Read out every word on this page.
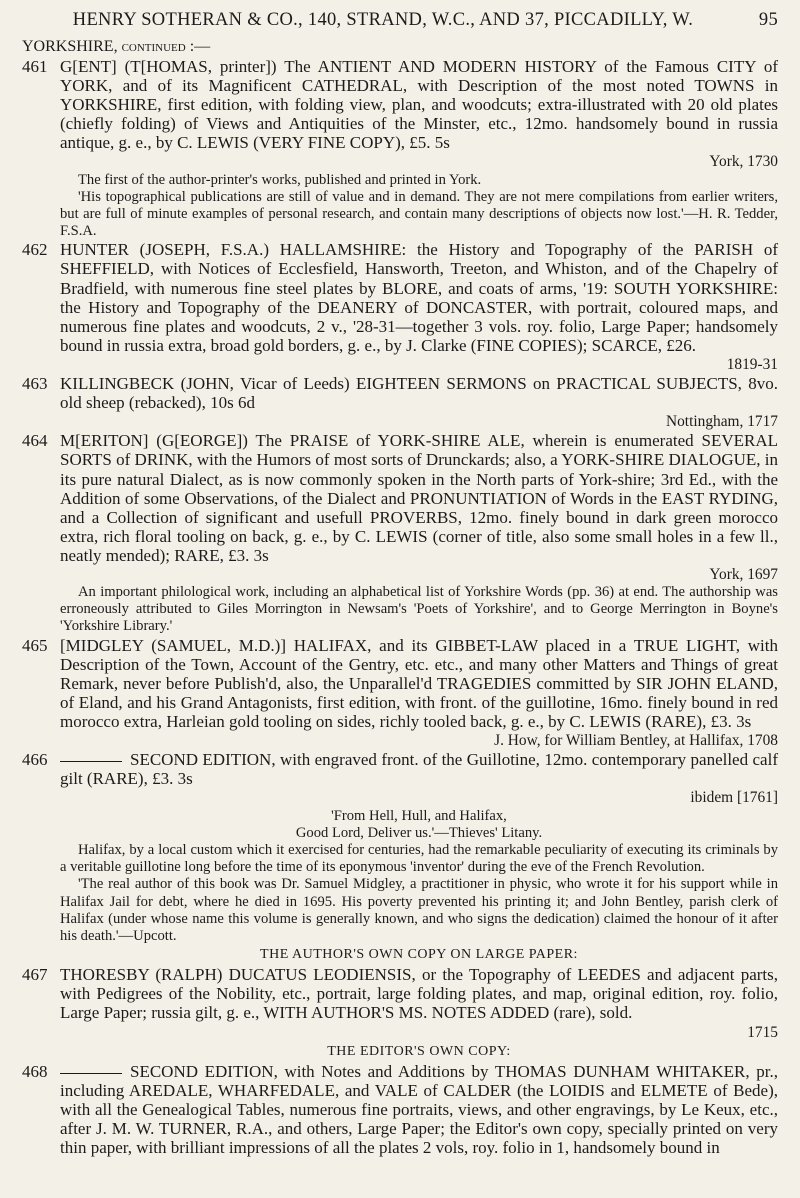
HENRY SOTHERAN & CO., 140, STRAND, W.C., AND 37, PICCADILLY, W.	95
YORKSHIRE, continued :—
461 G[ENT] (T[HOMAS, printer]) The ANTIENT AND MODERN HISTORY of the Famous CITY of YORK, and of its Magnificent CATHEDRAL, with Description of the most noted TOWNS in YORKSHIRE, first edition, with folding view, plan, and woodcuts; extra-illustrated with 20 old plates (chiefly folding) of Views and Antiquities of the Minster, etc., 12mo. handsomely bound in russia antique, g. e., by C. LEWIS (VERY FINE COPY), £5. 5s
York, 1730

The first of the author-printer's works, published and printed in York.

'His topographical publications are still of value and in demand. They are not mere compilations from earlier writers, but are full of minute examples of personal research, and contain many descriptions of objects now lost.'—H. R. Tedder, F.S.A.

462 HUNTER (JOSEPH, F.S.A.) HALLAMSHIRE: the History and Topography of the PARISH of SHEFFIELD, with Notices of Ecclesfield, Hansworth, Treeton, and Whiston, and of the Chapelry of Bradfield, with numerous fine steel plates by BLORE, and coats of arms, '19: SOUTH YORKSHIRE: the History and Topography of the DEANERY of DONCASTER, with portrait, coloured maps, and numerous fine plates and woodcuts, 2 v., '28-31—together 3 vols. roy. folio, Large Paper; handsomely bound in russia extra, broad gold borders, g. e., by J. Clarke (FINE COPIES); SCARCE, £26.
1819-31
463 KILLINGBECK (JOHN, Vicar of Leeds) EIGHTEEN SERMONS on PRACTICAL SUBJECTS, 8vo. old sheep (rebacked), 10s 6d
Nottingham, 1717
464 M[ERITON] (G[EORGE]) The PRAISE of YORK-SHIRE ALE, wherein is enumerated SEVERAL SORTS of DRINK, with the Humors of most sorts of Drunckards; also, a YORK-SHIRE DIALOGUE, in its pure natural Dialect, as is now commonly spoken in the North parts of York-shire; 3rd Ed., with the Addition of some Observations, of the Dialect and PRONUNTIATION of Words in the EAST RYDING, and a Collection of significant and usefull PROVERBS, 12mo. finely bound in dark green morocco extra, rich floral tooling on back, g. e., by C. LEWIS (corner of title, also some small holes in a few ll., neatly mended); RARE, £3. 3s
York, 1697

An important philological work, including an alphabetical list of Yorkshire Words (pp. 36) at end. The authorship was erroneously attributed to Giles Morrington in Newsam's 'Poets of Yorkshire', and to George Merrington in Boyne's 'Yorkshire Library.'

465 [MIDGLEY (SAMUEL, M.D.)] HALIFAX, and its GIBBET-LAW placed in a TRUE LIGHT, with Description of the Town, Account of the Gentry, etc. etc., and many other Matters and Things of great Remark, never before Publish'd, also, the Unparallel'd TRAGEDIES committed by SIR JOHN ELAND, of Eland, and his Grand Antagonists, first edition, with front. of the guillotine, 16mo. finely bound in red morocco extra, Harleian gold tooling on sides, richly tooled back, g. e., by C. LEWIS (RARE), £3. 3s
J. How, for William Bentley, at Hallifax, 1708
466	SECOND EDITION, with engraved front. of the Guillotine, 12mo. contemporary panelled calf gilt (RARE), £3. 3s
ibidem [1761]

'From Hell, Hull, and Halifax,

Good Lord, Deliver us.'—Thieves' Litany.

Halifax, by a local custom which it exercised for centuries, had the remarkable peculiarity of executing its criminals by a veritable guillotine long before the time of its eponymous 'inventor' during the eve of the French Revolution.

'The real author of this book was Dr. Samuel Midgley, a practitioner in physic, who wrote it for his support while in Halifax Jail for debt, where he died in 1695. His poverty prevented his printing it; and John Bentley, parish clerk of Halifax (under whose name this volume is generally known, and who signs the dedication) claimed the honour of it after his death.'—Upcott.

THE AUTHOR'S OWN COPY ON LARGE PAPER:
467 THORESBY (RALPH) DUCATUS LEODIENSIS, or the Topography of LEEDES and adjacent parts, with Pedigrees of the Nobility, etc., portrait, large folding plates, and map, original edition, roy. folio, Large Paper; russia gilt, g. e., WITH AUTHOR'S MS. NOTES ADDED (rare), sold.
1715
THE EDITOR'S OWN COPY:
468	SECOND EDITION, with Notes and Additions by THOMAS DUNHAM WHITAKER, pr., including AREDALE, WHARFEDALE, and VALE of CALDER (the LOIDIS and ELMETE of Bede), with all the Genealogical Tables, numerous fine portraits, views, and other engravings, by Le Keux, etc., after J. M. W. TURNER, R.A., and others, Large Paper; the Editor's own copy, specially printed on very thin paper, with brilliant impressions of all the plates 2 vols, roy. folio in 1, handsomely bound in
